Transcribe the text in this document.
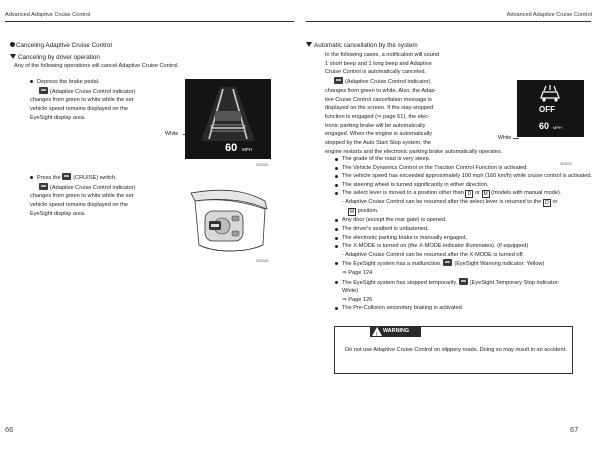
Advanced Adaptive Cruise Control	Advanced Adaptive Cruise Control
Canceling Adaptive Cruise Control
Canceling by driver operation
Any of the following operations will cancel Adaptive Cruise Control.

Depress the brake pedal.

(Adaptive Cruise Control indicator)

changes from green to white while the set

vehicle speed remains displayed on the

EyeSight display area.

White
60 MPH
S03020

Press the (CRUISE) switch.

(Adaptive Cruise Control indicator)

changes from green to white while the set

vehicle speed remains displayed on the

EyeSight display area.

S03183
Automatic cancellation by the system

In the following cases, a notification will sound

1 short beep and 1 long beep and Adaptive

Cruise Control is automatically canceled.

(Adaptive Cruise Control indicator)

changes from green to white. Also, the Adap-

tive Cruise Control cancellation message is

displayed on the screen. If the stay-stopped

function is engaged (⇒ page 61), the elec-

tronic parking brake will be automatically

engaged. When the engine is automatically

stopped by the Auto Start Stop system, the

engine restarts and the electronic parking brake automatically operates.

White
OFF
60 MPH
S03037

The grade of the road is very steep.

The Vehicle Dynamics Control or the Traction Control Function is activated.

The vehicle speed has exceeded approximately 100 mph (160 km/h) while cruise control is activated.

The steering wheel is turned significantly in either direction.

The select lever is moved to a position other than D or M (models with manual mode).

- Adaptive Cruise Control can be resumed after the select lever is returned to the D or

M position.

Any door (except the rear gate) is opened.

The driver's seatbelt is unfastened.

The electronic parking brake is manually engaged.

The X-MODE is turned on (the X-MODE indicator illuminates). (if equipped)

- Adaptive Cruise Control can be resumed after the X-MODE is turned off.

The EyeSight system has a malfunction. (EyeSight Warning indicator: Yellow)

⇒ Page 124

The EyeSight system has stopped temporarily. (EyeSight Temporary Stop indicator:

White)

⇒ Page 126

The Pre-Collision secondary braking is activated.

!
WARNING
Do not use Adaptive Cruise Control on slippery roads. Doing so may result in an accident.
66	67
